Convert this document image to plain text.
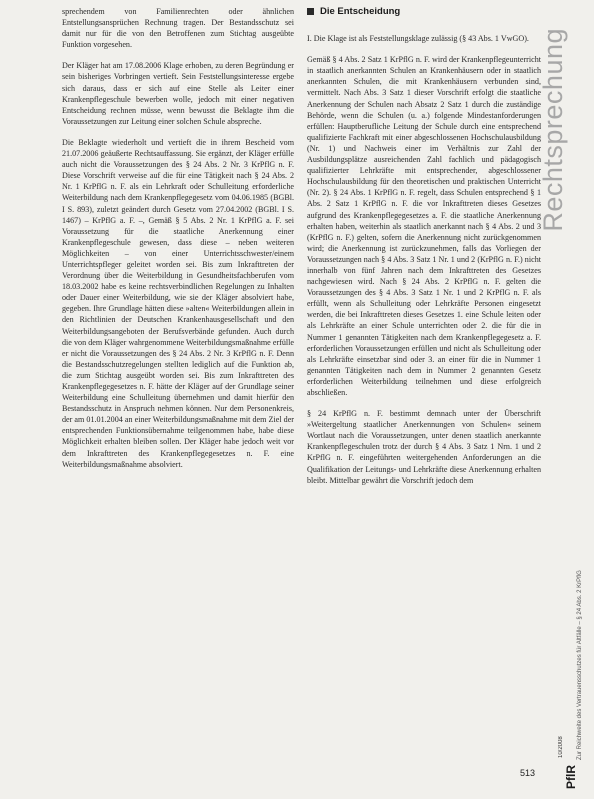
sprechendem von Familienrechten oder ähnlichen Entstellungsansprüchen Rechnung tragen. Der Bestandsschutz sei damit nur für die von den Betroffenen zum Stichtag ausgeübte Funktion vorgesehen.

Der Kläger hat am 17.08.2006 Klage erhoben, zu deren Begründung er sein bisheriges Vorbringen vertieft. Sein Feststellungsinteresse ergebe sich daraus, dass er sich auf eine Stelle als Leiter einer Krankenpflegeschule bewerben wolle, jedoch mit einer negativen Entscheidung rechnen müsse, wenn bewusst die Beklagte ihm die Voraussetzungen zur Leitung einer solchen Schule abspreche.

Die Beklagte wiederholt und vertieft die in ihrem Bescheid vom 21.07.2006 geäußerte Rechtsauffassung. Sie ergänzt, der Kläger erfülle auch nicht die Voraussetzungen des § 24 Abs. 2 Nr. 3 KrPflG n. F. Diese Vorschrift verweise auf die für eine Tätigkeit nach § 24 Abs. 2 Nr. 1 KrPflG n. F. als ein Lehrkraft oder Schulleitung erforderliche Weiterbildung nach dem Krankenpflegegesetz vom 04.06.1985 (BGBl. I S. 893), zuletzt geändert durch Gesetz vom 27.04.2002 (BGBl. I S. 1467) – KrPflG a. F. –, Gemäß § 5 Abs. 2 Nr. 1 KrPflG a. F. sei Voraussetzung für die staatliche Anerkennung einer Krankenpflegeschule gewesen, dass diese – neben weiteren Möglichkeiten – von einer Unterrichtsschwester/einem Unterrichtspfleger geleitet worden sei. Bis zum Inkrafttreten der Verordnung über die Weiterbildung in Gesundheitsfachberufen vom 18.03.2002 habe es keine rechtsverbindlichen Regelungen zu Inhalten oder Dauer einer Weiterbildung, wie sie der Kläger absolviert habe, gegeben. Ihre Grundlage hätten diese »alten« Weiterbildungen allein in den Richtlinien der Deutschen Krankenhausgesellschaft und den Weiterbildungsangeboten der Berufsverbände gefunden. Auch durch die von dem Kläger wahrgenommene Weiterbildungsmaßnahme erfülle er nicht die Voraussetzungen des § 24 Abs. 2 Nr. 3 KrPflG n. F. Denn die Bestandsschutzregelungen stellten lediglich auf die Funktion ab, die zum Stichtag ausgeübt worden sei. Bis zum Inkrafttreten des Krankenpflegegesetzes n. F. hätte der Kläger auf der Grundlage seiner Weiterbildung eine Schulleitung übernehmen und damit hierfür den Bestandsschutz in Anspruch nehmen können. Nur dem Personenkreis, der am 01.01.2004 an einer Weiterbildungsmaßnahme mit dem Ziel der entsprechenden Funktionsübernahme teilgenommen habe, habe diese Möglichkeit erhalten bleiben sollen. Der Kläger habe jedoch weit vor dem Inkrafttreten des Krankenpflegegesetzes n. F. eine Weiterbildungsmaßnahme absolviert.

Die Entscheidung

I. Die Klage ist als Feststellungsklage zulässig (§ 43 Abs. 1 VwGO).

Gemäß § 4 Abs. 2 Satz 1 KrPflG n. F. wird der Krankenpflegeunterricht in staatlich anerkannten Schulen an Krankenhäusern oder in staatlich anerkannten Schulen, die mit Krankenhäusern verbunden sind, vermittelt. Nach Abs. 3 Satz 1 dieser Vorschrift erfolgt die staatliche Anerkennung der Schulen nach Absatz 2 Satz 1 durch die zuständige Behörde, wenn die Schulen (u. a.) folgende Mindestanforderungen erfüllen: Hauptberufliche Leitung der Schule durch eine entsprechend qualifizierte Fachkraft mit einer abgeschlossenen Hochschulausbildung (Nr. 1) und Nachweis einer im Verhältnis zur Zahl der Ausbildungsplätze ausreichenden Zahl fachlich und pädagogisch qualifizierter Lehrkräfte mit entsprechender, abgeschlossener Hochschulausbildung für den theoretischen und praktischen Unterricht (Nr. 2). § 24 Abs. 1 KrPflG n. F. regelt, dass Schulen entsprechend § 1 Abs. 2 Satz 1 KrPflG n. F. die vor Inkrafttreten dieses Gesetzes aufgrund des Krankenpflegegesetzes a. F. die staatliche Anerkennung erhalten haben, weiterhin als staatlich anerkannt nach § 4 Abs. 2 und 3 (KrPflG n. F.) gelten, sofern die Anerkennung nicht zurückgenommen wird; die Anerkennung ist zurückzunehmen, falls das Vorliegen der Voraussetzungen nach § 4 Abs. 3 Satz 1 Nr. 1 und 2 (KrPflG n. F.) nicht innerhalb von fünf Jahren nach dem Inkrafttreten des Gesetzes nachgewiesen wird. Nach § 24 Abs. 2 KrPflG n. F. gelten die Voraussetzungen des § 4 Abs. 3 Satz 1 Nr. 1 und 2 KrPflG n. F. als erfüllt, wenn als Schulleitung oder Lehrkräfte Personen eingesetzt werden, die bei Inkrafttreten dieses Gesetzes 1. eine Schule leiten oder als Lehrkräfte an einer Schule unterrichten oder 2. die für die in Nummer 1 genannten Tätigkeiten nach dem Krankenpflegegesetz a. F. erforderlichen Voraussetzungen erfüllen und nicht als Schulleitung oder als Lehrkräfte einsetzbar sind oder 3. an einer für die in Nummer 1 genannten Tätigkeiten nach dem in Nummer 2 genannten Gesetz erforderlichen Weiterbildung teilnehmen und diese erfolgreich abschließen.

§ 24 KrPflG n. F. bestimmt demnach unter der Überschrift »Weitergeltung staatlicher Anerkennungen von Schulen« seinem Wortlaut nach die Voraussetzungen, unter denen staatlich anerkannte Krankenpflegeschulen trotz der durch § 4 Abs. 3 Satz 1 Nrn. 1 und 2 KrPflG n. F. eingeführten weitergehenden Anforderungen an die Qualifikation der Leitungs- und Lehrkräfte diese Anerkennung erhalten bleibt. Mittelbar gewährt die Vorschrift jedoch dem

Rechtsprechung
Zur Reichweite des Vertrauensschutzes für Altfälle – § 24 Abs. 2 KrPflG
10/2008
PflR
513
